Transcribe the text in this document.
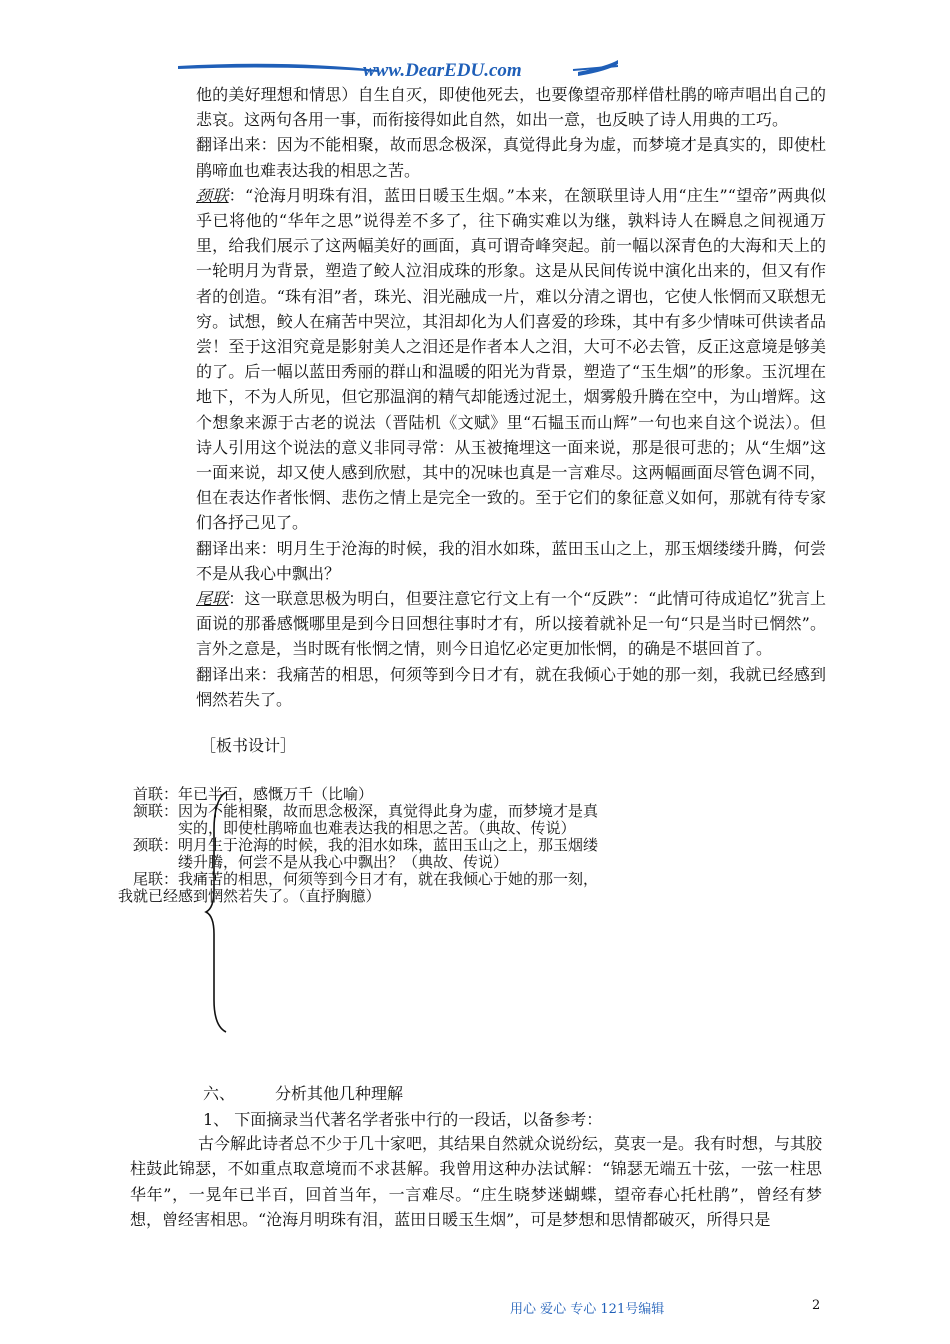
www.DearEDU.com

他的美好理想和情思）自生自灭，即使他死去，也要像望帝那样借杜鹃的啼声唱出自己的悲哀。这两句各用一事，而衔接得如此自然，如出一意，也反映了诗人用典的工巧。

翻译出来：因为不能相聚，故而思念极深，真觉得此身为虚，而梦境才是真实的，即使杜鹃啼血也难表达我的相思之苦。

颈联：“沧海月明珠有泪，蓝田日暖玉生烟。”本来，在颔联里诗人用“庄生”“望帝”两典似乎已将他的“华年之思”说得差不多了，往下确实难以为继，孰料诗人在瞬息之间视通万里，给我们展示了这两幅美好的画面，真可谓奇峰突起。前一幅以深青色的大海和天上的一轮明月为背景，塑造了鲛人泣泪成珠的形象。这是从民间传说中演化出来的，但又有作者的创造。“珠有泪”者，珠光、泪光融成一片，难以分清之谓也，它使人怅惘而又联想无穷。试想，鲛人在痛苦中哭泣，其泪却化为人们喜爱的珍珠，其中有多少情味可供读者品尝！至于这泪究竟是影射美人之泪还是作者本人之泪，大可不必去管，反正这意境是够美的了。后一幅以蓝田秀丽的群山和温暖的阳光为背景，塑造了“玉生烟”的形象。玉沉埋在地下，不为人所见，但它那温润的精气却能透过泥土，烟雾般升腾在空中，为山增辉。这个想象来源于古老的说法（晋陆机《文赋》里“石韫玉而山辉”一句也来自这个说法）。但诗人引用这个说法的意义非同寻常：从玉被掩埋这一面来说，那是很可悲的；从“生烟”这一面来说，却又使人感到欣慰，其中的况味也真是一言难尽。这两幅画面尽管色调不同，但在表达作者怅惘、悲伤之情上是完全一致的。至于它们的象征意义如何，那就有待专家们各抒己见了。

翻译出来：明月生于沧海的时候，我的泪水如珠，蓝田玉山之上，那玉烟缕缕升腾，何尝不是从我心中飘出？

尾联：这一联意思极为明白，但要注意它行文上有一个“反跌”：“此情可待成追忆”犹言上面说的那番感慨哪里是到今日回想往事时才有，所以接着就补足一句“只是当时已惘然”。言外之意是，当时既有怅惘之情，则今日追忆必定更加怅惘，的确是不堪回首了。

翻译出来：我痛苦的相思，何须等到今日才有，就在我倾心于她的那一刻，我就已经感到惘然若失了。

［板书设计］
首联：年已半百，感慨万千（比喻）
颔联：因为不能相聚，故而思念极深，真觉得此身为虚，而梦境才是真
实的，即使杜鹃啼血也难表达我的相思之苦。（典故、传说）
颈联：明月生于沧海的时候，我的泪水如珠，蓝田玉山之上，那玉烟缕
缕升腾，何尝不是从我心中飘出？（典故、传说）
尾联：我痛苦的相思，何须等到今日才有，就在我倾心于她的那一刻，
我就已经感到惘然若失了。（直抒胸臆）
六、 分析其他几种理解
1、 下面摘录当代著名学者张中行的一段话，以备参考：

古今解此诗者总不少于几十家吧，其结果自然就众说纷纭，莫衷一是。我有时想，与其胶柱鼓此锦瑟，不如重点取意境而不求甚解。我曾用这种办法试解：“锦瑟无端五十弦，一弦一柱思华年”，一晃年已半百，回首当年，一言难尽。“庄生晓梦迷蝴蝶，望帝春心托杜鹃”，曾经有梦想，曾经害相思。“沧海月明珠有泪，蓝田日暖玉生烟”，可是梦想和思情都破灭，所得只是

用心 爱心 专心 121号编辑	2
